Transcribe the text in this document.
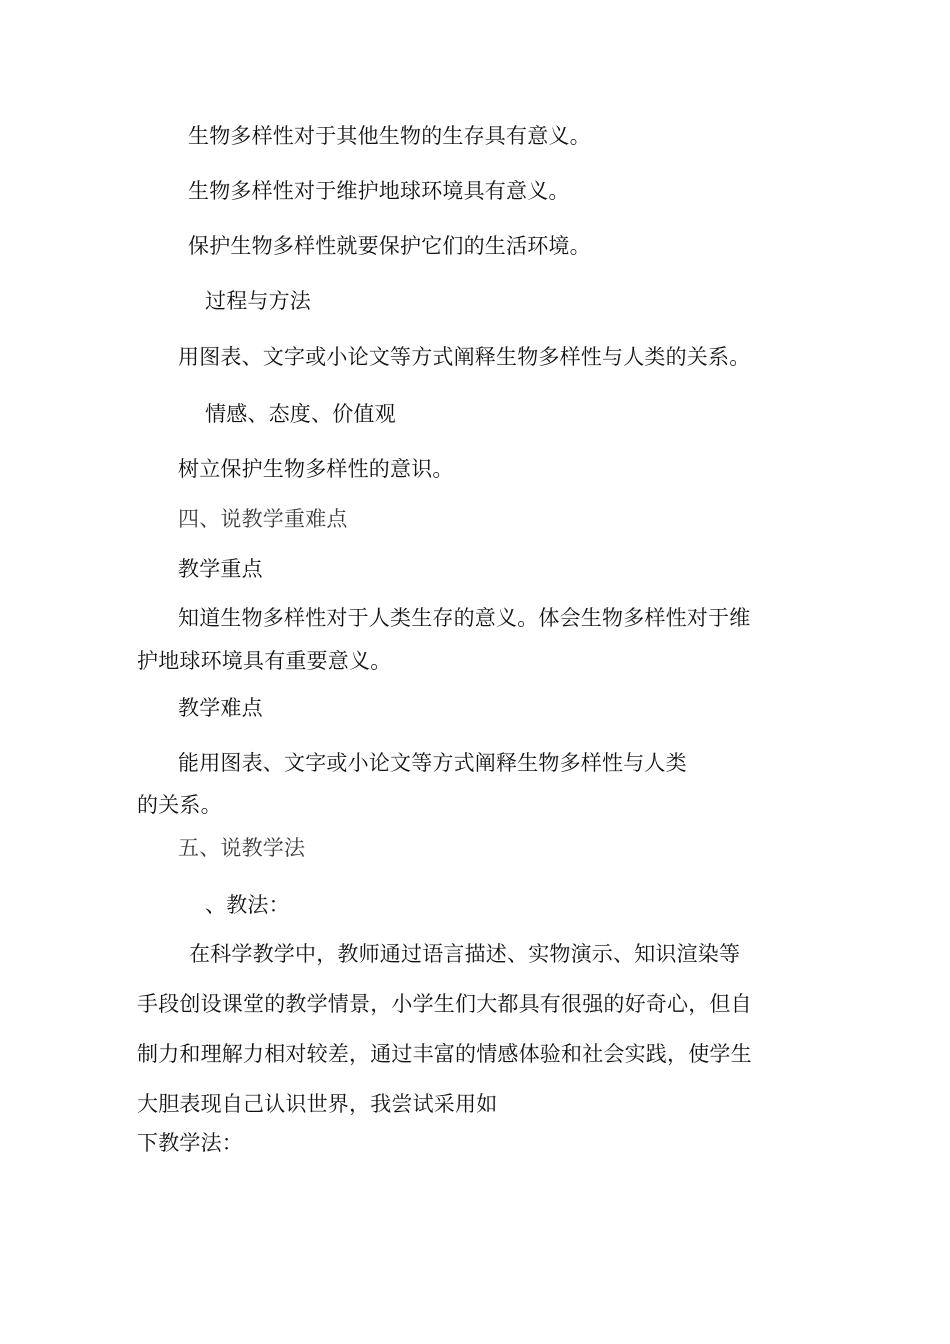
生物多样性对于其他生物的生存具有意义。
生物多样性对于维护地球环境具有意义。
保护生物多样性就要保护它们的生活环境。
过程与方法
用图表、文字或小论文等方式阐释生物多样性与人类的关系。
情感、态度、价值观
树立保护生物多样性的意识。
四、说教学重难点
教学重点
知道生物多样性对于人类生存的意义。体会生物多样性对于维
护地球环境具有重要意义。
教学难点
能用图表、文字或小论文等方式阐释生物多样性与人类
的关系。
五、说教学法
、教法：
在科学教学中，教师通过语言描述、实物演示、知识渲染等
手段创设课堂的教学情景，小学生们大都具有很强的好奇心，但自
制力和理解力相对较差，通过丰富的情感体验和社会实践，使学生
大胆表现自己认识世界，我尝试采用如
下教学法：
